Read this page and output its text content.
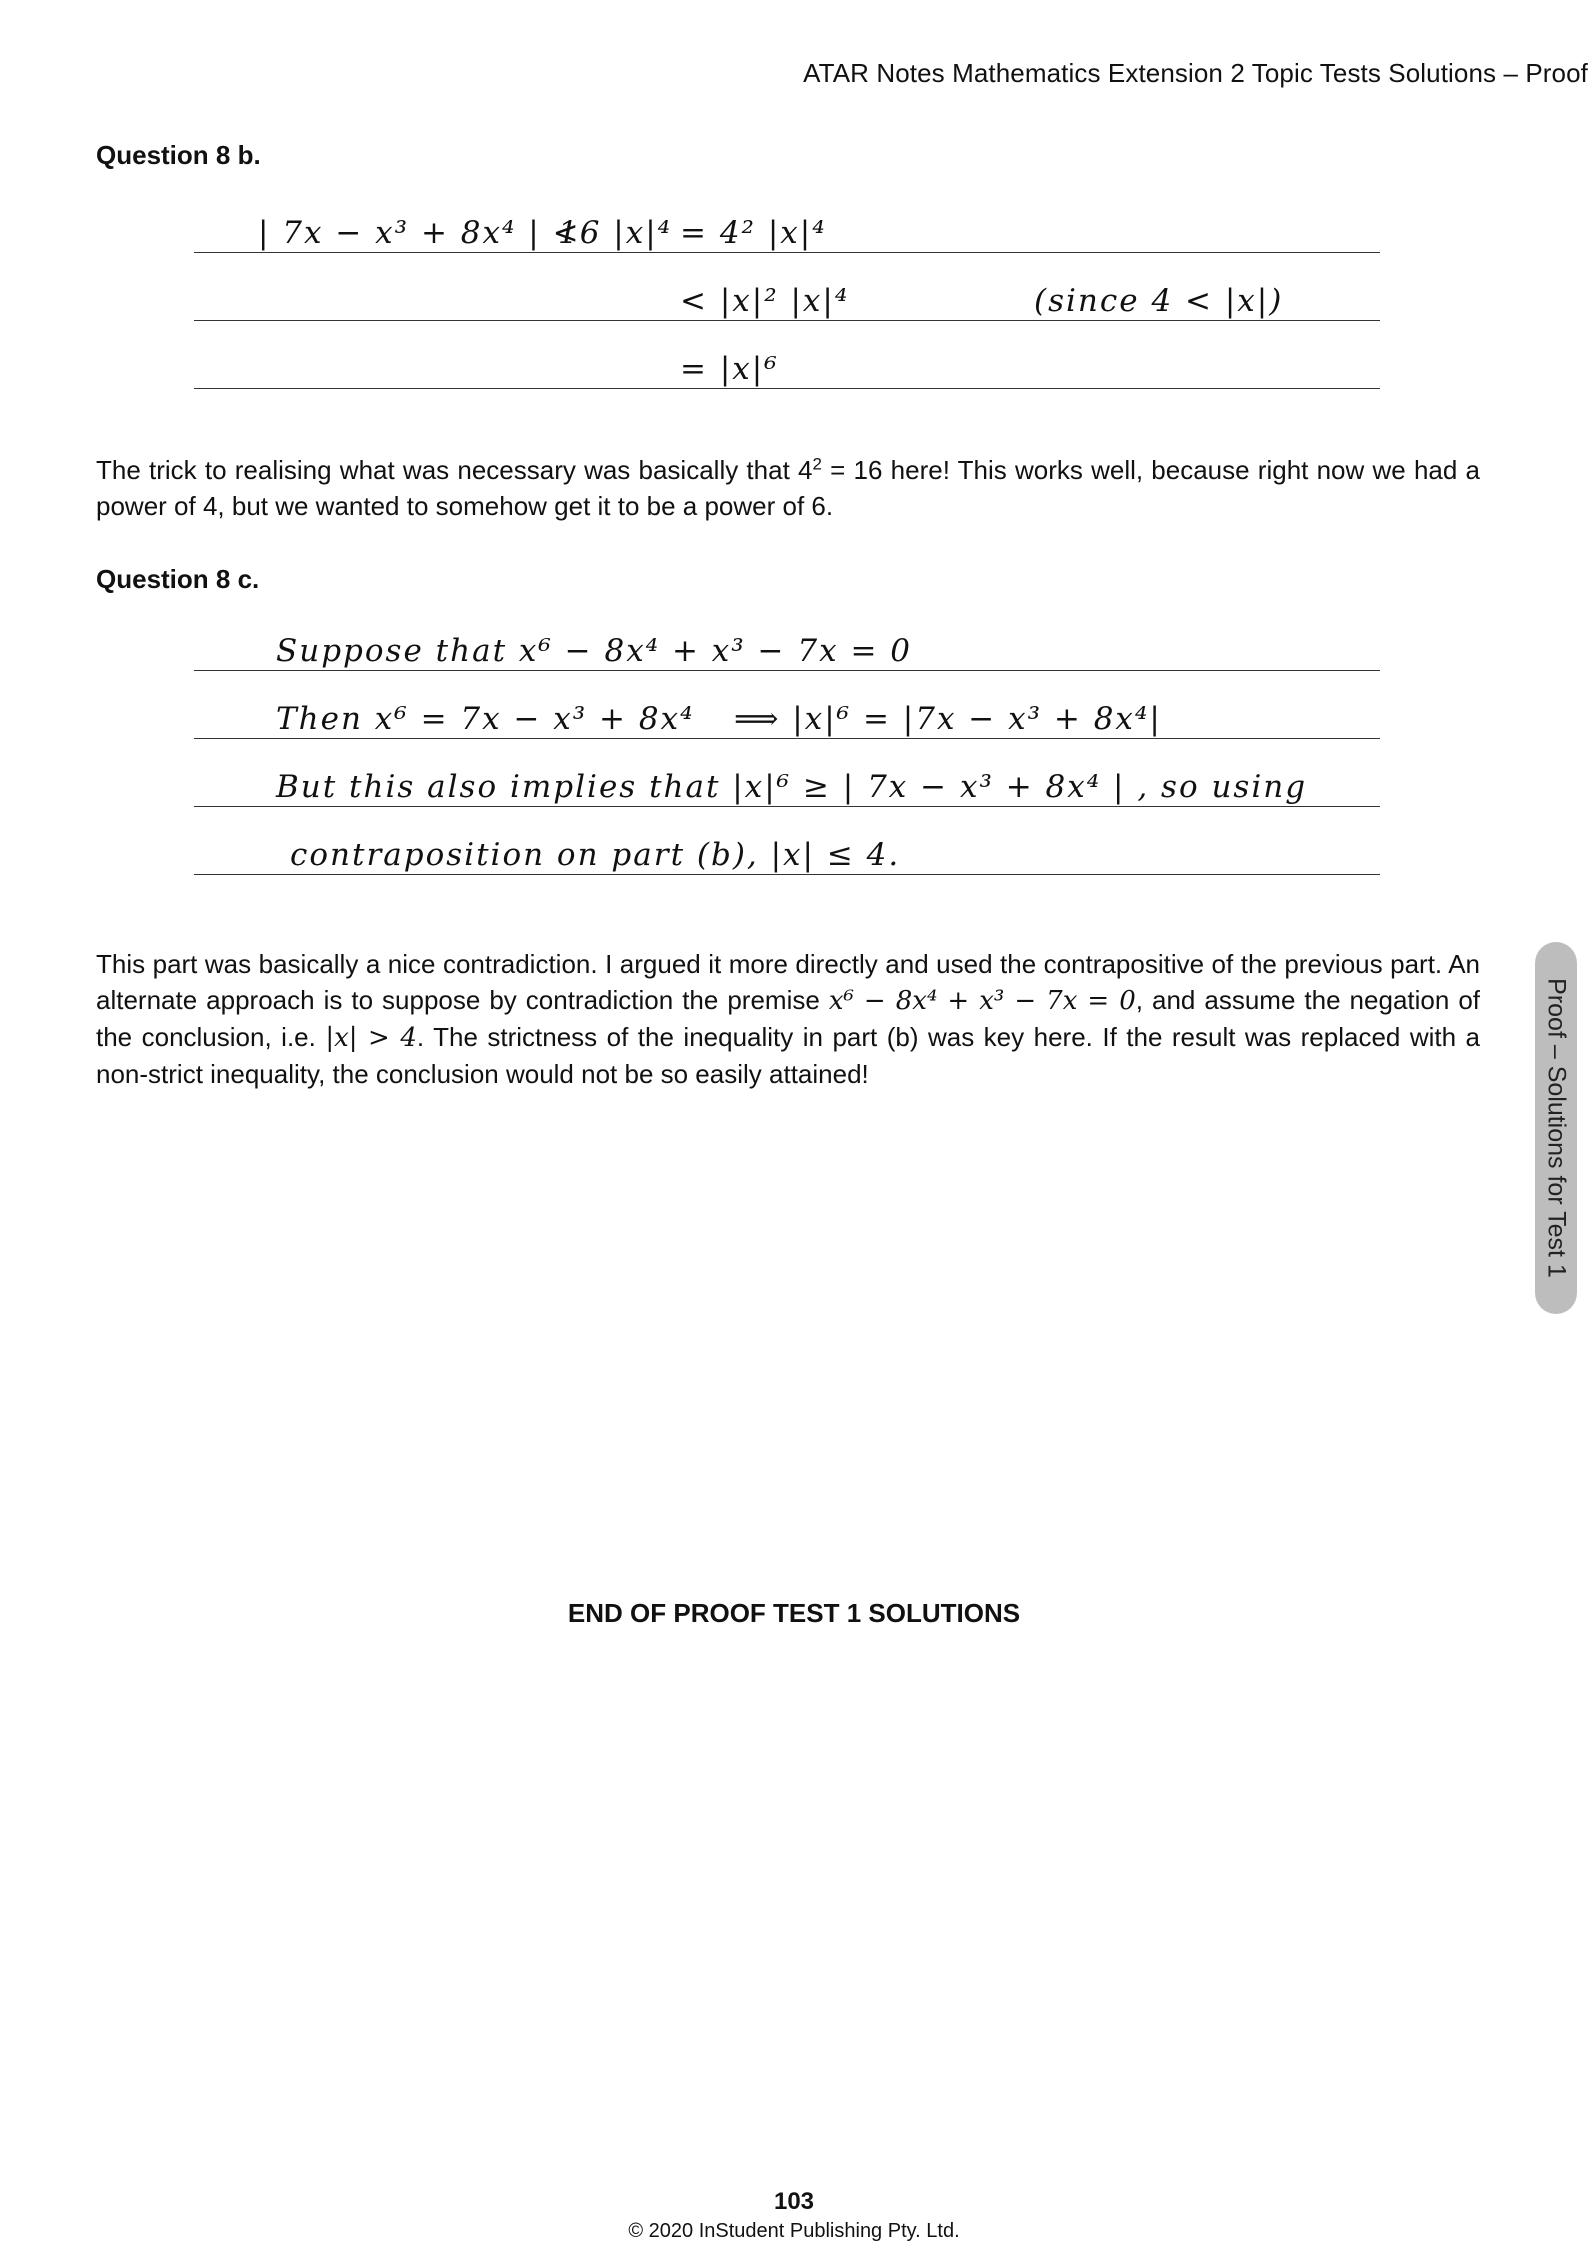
ATAR Notes Mathematics Extension 2 Topic Tests Solutions – Proof
Question 8 b.
| 7x − x³ + 8x⁴ | <
16 |x|⁴ = 4² |x|⁴
< |x|² |x|⁴	(since 4 < |x|)
= |x|⁶

The trick to realising what was necessary was basically that $4^2 = 16$ here! This works well, because right now we had a power of 4, but we wanted to somehow get it to be a power of 6.

Question 8 c.
Suppose that x⁶ − 8x⁴ + x³ − 7x = 0
Then x⁶ = 7x − x³ + 8x⁴ ⟹ |x|⁶ = |7x − x³ + 8x⁴|
But this also implies that |x|⁶ ≥ | 7x − x³ + 8x⁴ | , so using
contraposition on part (b), |x| ≤ 4.

This part was basically a nice contradiction. I argued it more directly and used the contrapositive of the previous part. An alternate approach is to suppose by contradiction the premise x⁶ − 8x⁴ + x³ − 7x = 0, and assume the negation of the conclusion, i.e. |x| > 4. The strictness of the inequality in part (b) was key here. If the result was replaced with a non-strict inequality, the conclusion would not be so easily attained!

END OF PROOF TEST 1 SOLUTIONS
Proof – Solutions for Test 1
103
© 2020 InStudent Publishing Pty. Ltd.
